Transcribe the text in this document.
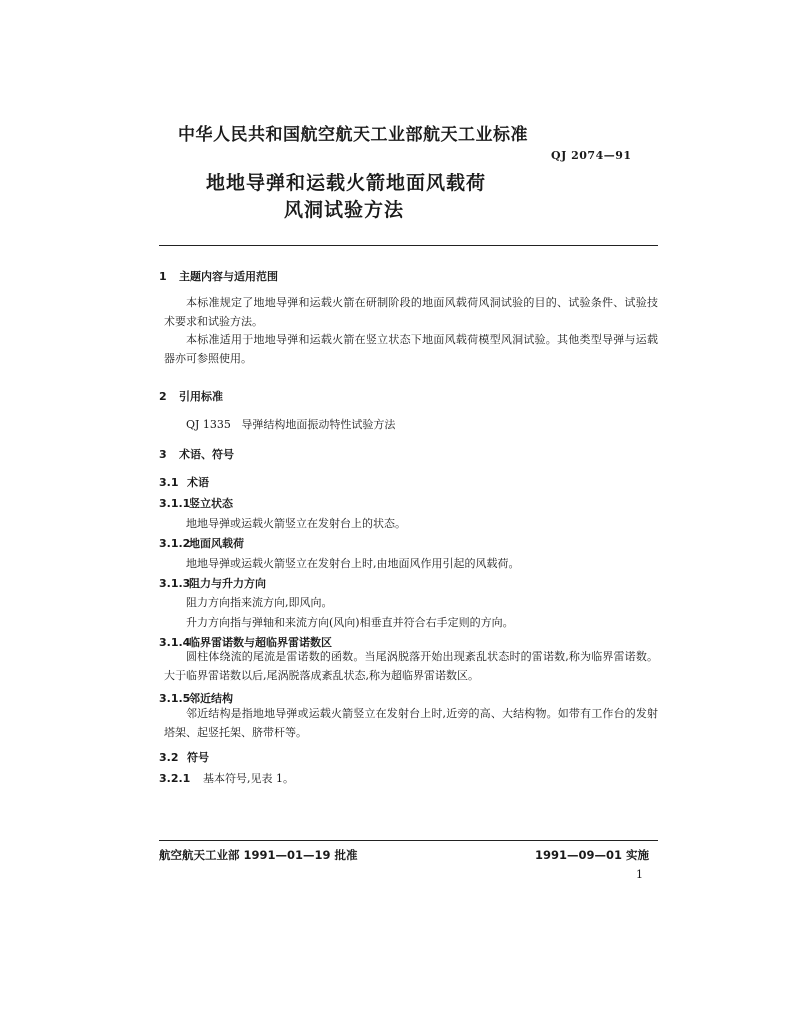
中华人民共和国航空航天工业部航天工业标准
QJ 2074—91
地地导弹和运载火箭地面风载荷
风洞试验方法
1 主题内容与适用范围

本标准规定了地地导弹和运载火箭在研制阶段的地面风载荷风洞试验的目的、试验条件、试验技术要求和试验方法。

本标准适用于地地导弹和运载火箭在竖立状态下地面风载荷模型风洞试验。其他类型导弹与运载器亦可参照使用。

2 引用标准
QJ 1335   导弹结构地面振动特性试验方法
3 术语、符号
3.1 术语
3.1.1竖立状态
地地导弹或运载火箭竖立在发射台上的状态。
3.1.2地面风载荷
地地导弹或运载火箭竖立在发射台上时,由地面风作用引起的风载荷。
3.1.3阻力与升力方向
阻力方向指来流方向,即风向。
升力方向指与弹轴和来流方向(风向)相垂直并符合右手定则的方向。
3.1.4临界雷诺数与超临界雷诺数区

圆柱体绕流的尾流是雷诺数的函数。当尾涡脱落开始出现紊乱状态时的雷诺数,称为临界雷诺数。大于临界雷诺数以后,尾涡脱落成紊乱状态,称为超临界雷诺数区。

3.1.5邻近结构

邻近结构是指地地导弹或运载火箭竖立在发射台上时,近旁的高、大结构物。如带有工作台的发射塔架、起竖托架、脐带杆等。

3.2 符号
3.2.1 基本符号,见表 1。
航空航天工业部 1991—01—19 批准	1991—09—01 实施
1
